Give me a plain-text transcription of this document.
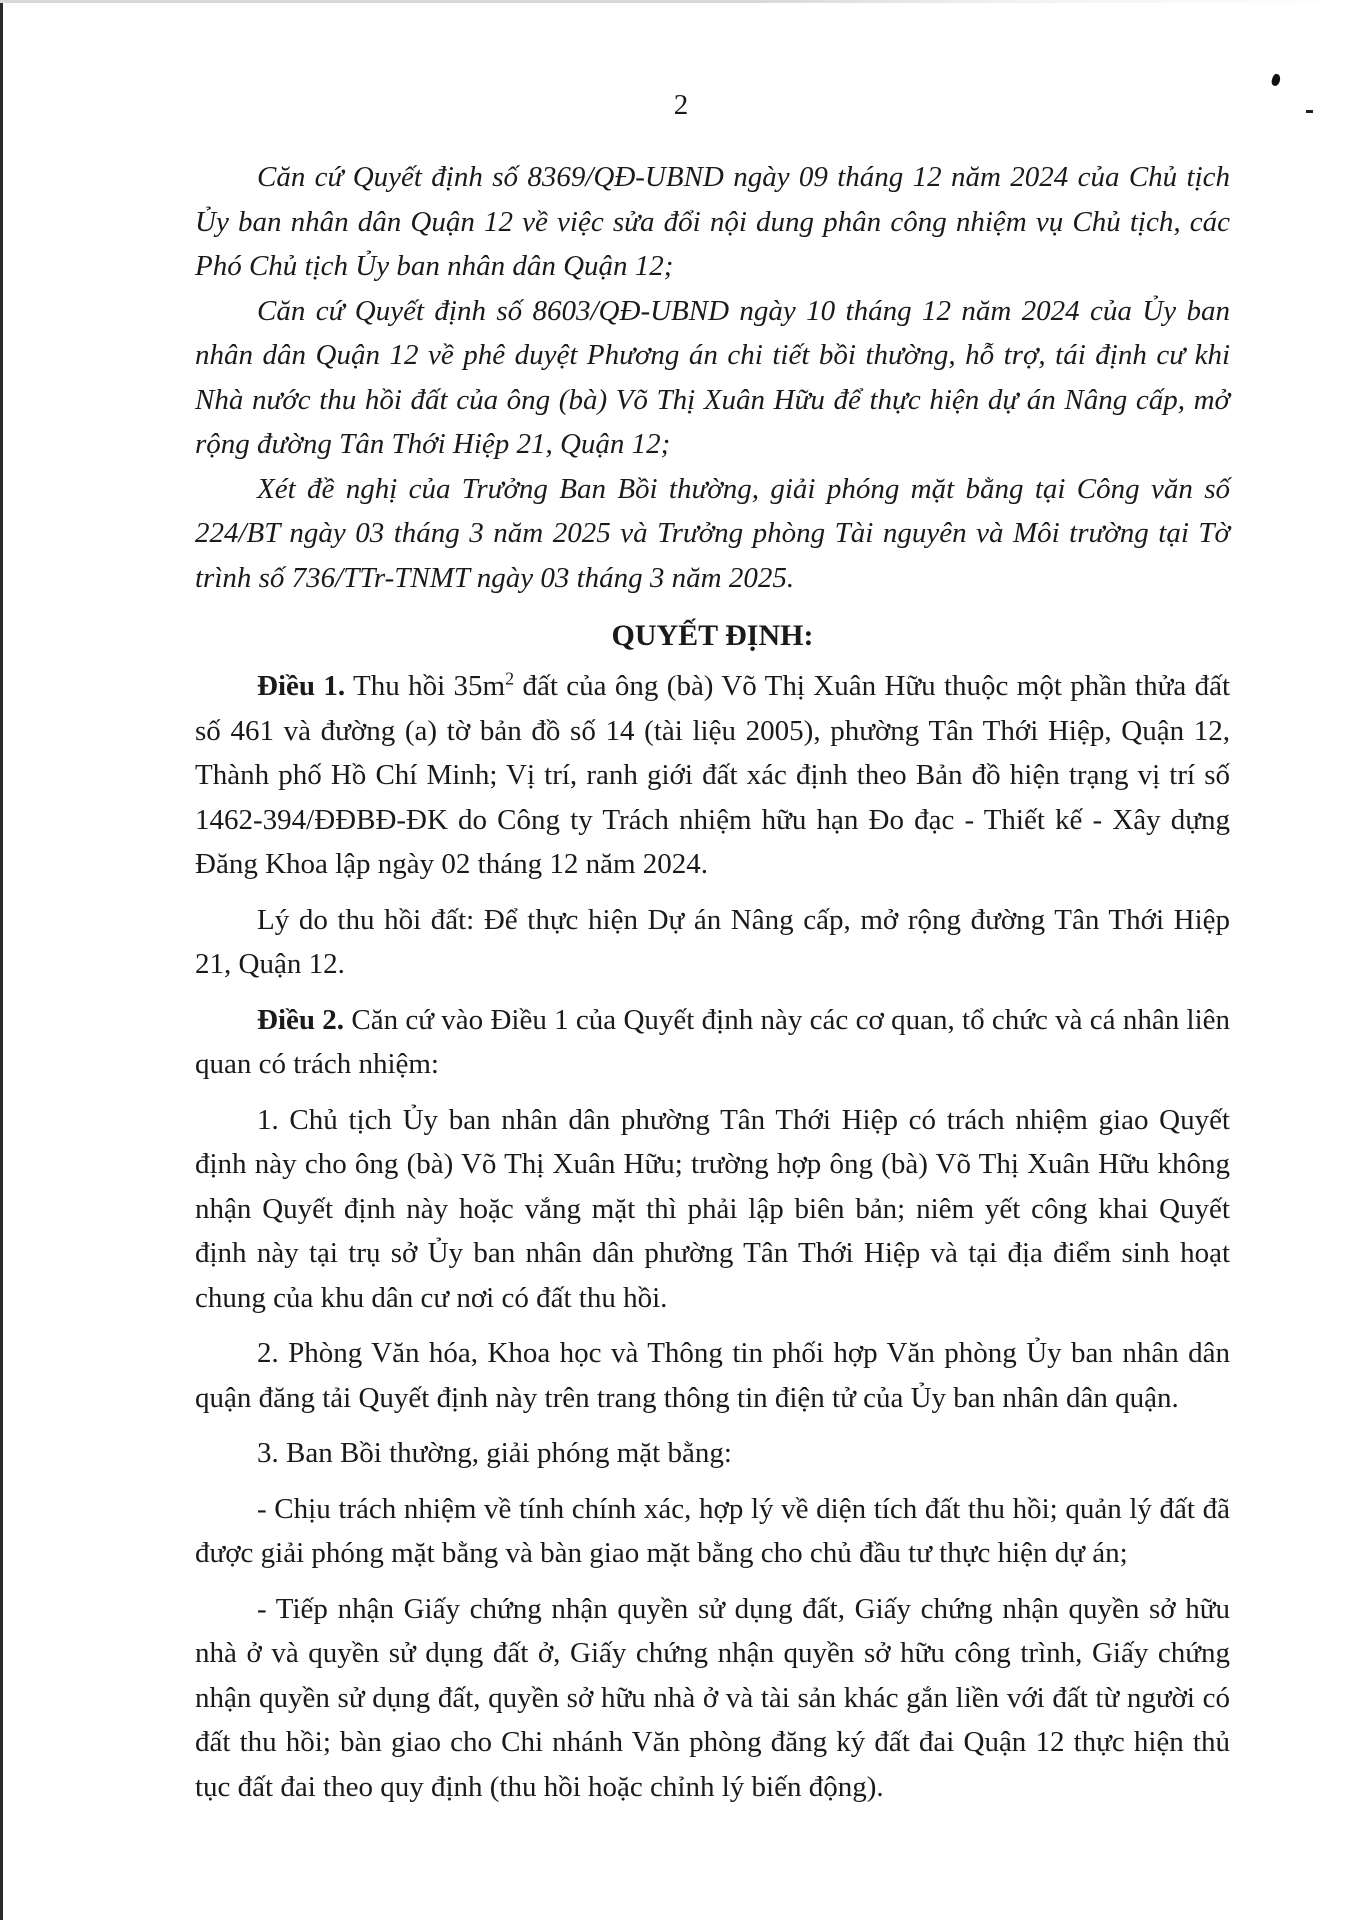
2

Căn cứ Quyết định số 8369/QĐ-UBND ngày 09 tháng 12 năm 2024 của Chủ tịch Ủy ban nhân dân Quận 12 về việc sửa đổi nội dung phân công nhiệm vụ Chủ tịch, các Phó Chủ tịch Ủy ban nhân dân Quận 12;

Căn cứ Quyết định số 8603/QĐ-UBND ngày 10 tháng 12 năm 2024 của Ủy ban nhân dân Quận 12 về phê duyệt Phương án chi tiết bồi thường, hỗ trợ, tái định cư khi Nhà nước thu hồi đất của ông (bà) Võ Thị Xuân Hữu để thực hiện dự án Nâng cấp, mở rộng đường Tân Thới Hiệp 21, Quận 12;

Xét đề nghị của Trưởng Ban Bồi thường, giải phóng mặt bằng tại Công văn số 224/BT ngày 03 tháng 3 năm 2025 và Trưởng phòng Tài nguyên và Môi trường tại Tờ trình số 736/TTr-TNMT ngày 03 tháng 3 năm 2025.

QUYẾT ĐỊNH:

Điều 1. Thu hồi $35m^2$ đất của ông (bà) Võ Thị Xuân Hữu thuộc một phần thửa đất số 461 và đường (a) tờ bản đồ số 14 (tài liệu 2005), phường Tân Thới Hiệp, Quận 12, Thành phố Hồ Chí Minh; Vị trí, ranh giới đất xác định theo Bản đồ hiện trạng vị trí số 1462-394/ĐĐBĐ-ĐK do Công ty Trách nhiệm hữu hạn Đo đạc - Thiết kế - Xây dựng Đăng Khoa lập ngày 02 tháng 12 năm 2024.

Lý do thu hồi đất: Để thực hiện Dự án Nâng cấp, mở rộng đường Tân Thới Hiệp 21, Quận 12.

Điều 2. Căn cứ vào Điều 1 của Quyết định này các cơ quan, tổ chức và cá nhân liên quan có trách nhiệm:

1. Chủ tịch Ủy ban nhân dân phường Tân Thới Hiệp có trách nhiệm giao Quyết định này cho ông (bà) Võ Thị Xuân Hữu; trường hợp ông (bà) Võ Thị Xuân Hữu không nhận Quyết định này hoặc vắng mặt thì phải lập biên bản; niêm yết công khai Quyết định này tại trụ sở Ủy ban nhân dân phường Tân Thới Hiệp và tại địa điểm sinh hoạt chung của khu dân cư nơi có đất thu hồi.

2. Phòng Văn hóa, Khoa học và Thông tin phối hợp Văn phòng Ủy ban nhân dân quận đăng tải Quyết định này trên trang thông tin điện tử của Ủy ban nhân dân quận.

3. Ban Bồi thường, giải phóng mặt bằng:

- Chịu trách nhiệm về tính chính xác, hợp lý về diện tích đất thu hồi; quản lý đất đã được giải phóng mặt bằng và bàn giao mặt bằng cho chủ đầu tư thực hiện dự án;

- Tiếp nhận Giấy chứng nhận quyền sử dụng đất, Giấy chứng nhận quyền sở hữu nhà ở và quyền sử dụng đất ở, Giấy chứng nhận quyền sở hữu công trình, Giấy chứng nhận quyền sử dụng đất, quyền sở hữu nhà ở và tài sản khác gắn liền với đất từ người có đất thu hồi; bàn giao cho Chi nhánh Văn phòng đăng ký đất đai Quận 12 thực hiện thủ tục đất đai theo quy định (thu hồi hoặc chỉnh lý biến động).
